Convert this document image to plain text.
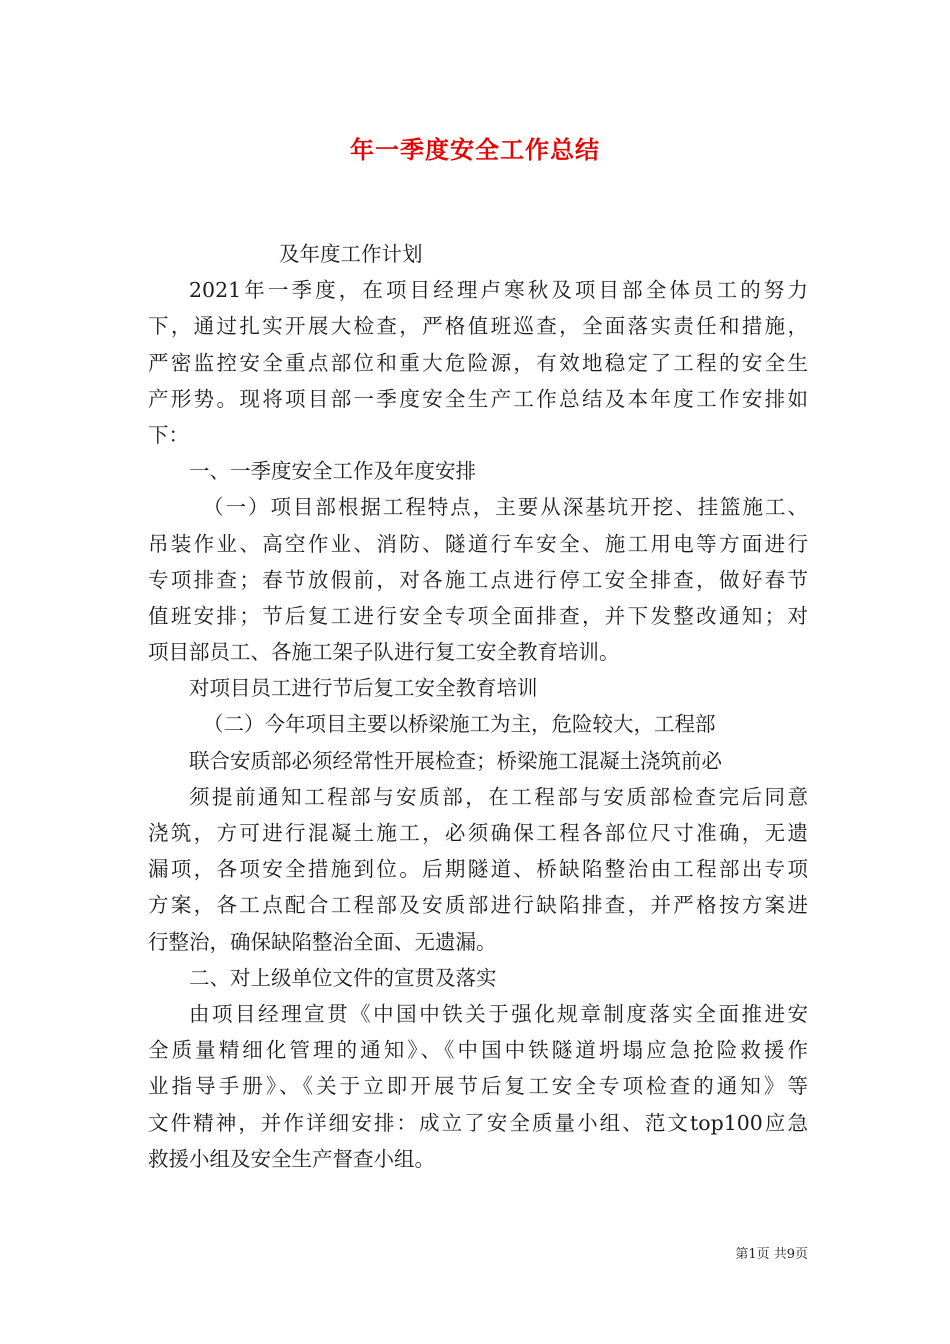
年一季度安全工作总结
及年度工作计划
2021年一季度，在项目经理卢寒秋及项目部全体员工的努力
下，通过扎实开展大检查，严格值班巡查，全面落实责任和措施，
严密监控安全重点部位和重大危险源，有效地稳定了工程的安全生
产形势。现将项目部一季度安全生产工作总结及本年度工作安排如
下：
一、一季度安全工作及年度安排
（一）项目部根据工程特点，主要从深基坑开挖、挂篮施工、
吊装作业、高空作业、消防、隧道行车安全、施工用电等方面进行
专项排查；春节放假前，对各施工点进行停工安全排查，做好春节
值班安排；节后复工进行安全专项全面排查，并下发整改通知；对
项目部员工、各施工架子队进行复工安全教育培训。
对项目员工进行节后复工安全教育培训
（二）今年项目主要以桥梁施工为主，危险较大，工程部
联合安质部必须经常性开展检查；桥梁施工混凝土浇筑前必
须提前通知工程部与安质部，在工程部与安质部检查完后同意
浇筑，方可进行混凝土施工，必须确保工程各部位尺寸准确，无遗
漏项，各项安全措施到位。后期隧道、桥缺陷整治由工程部出专项
方案，各工点配合工程部及安质部进行缺陷排查，并严格按方案进
行整治，确保缺陷整治全面、无遗漏。
二、对上级单位文件的宣贯及落实
由项目经理宣贯《中国中铁关于强化规章制度落实全面推进安
全质量精细化管理的通知》、《中国中铁隧道坍塌应急抢险救援作
业指导手册》、《关于立即开展节后复工安全专项检查的通知》等
文件精神，并作详细安排：成立了安全质量小组、范文top100应急
救援小组及安全生产督查小组。
第1页 共9页
